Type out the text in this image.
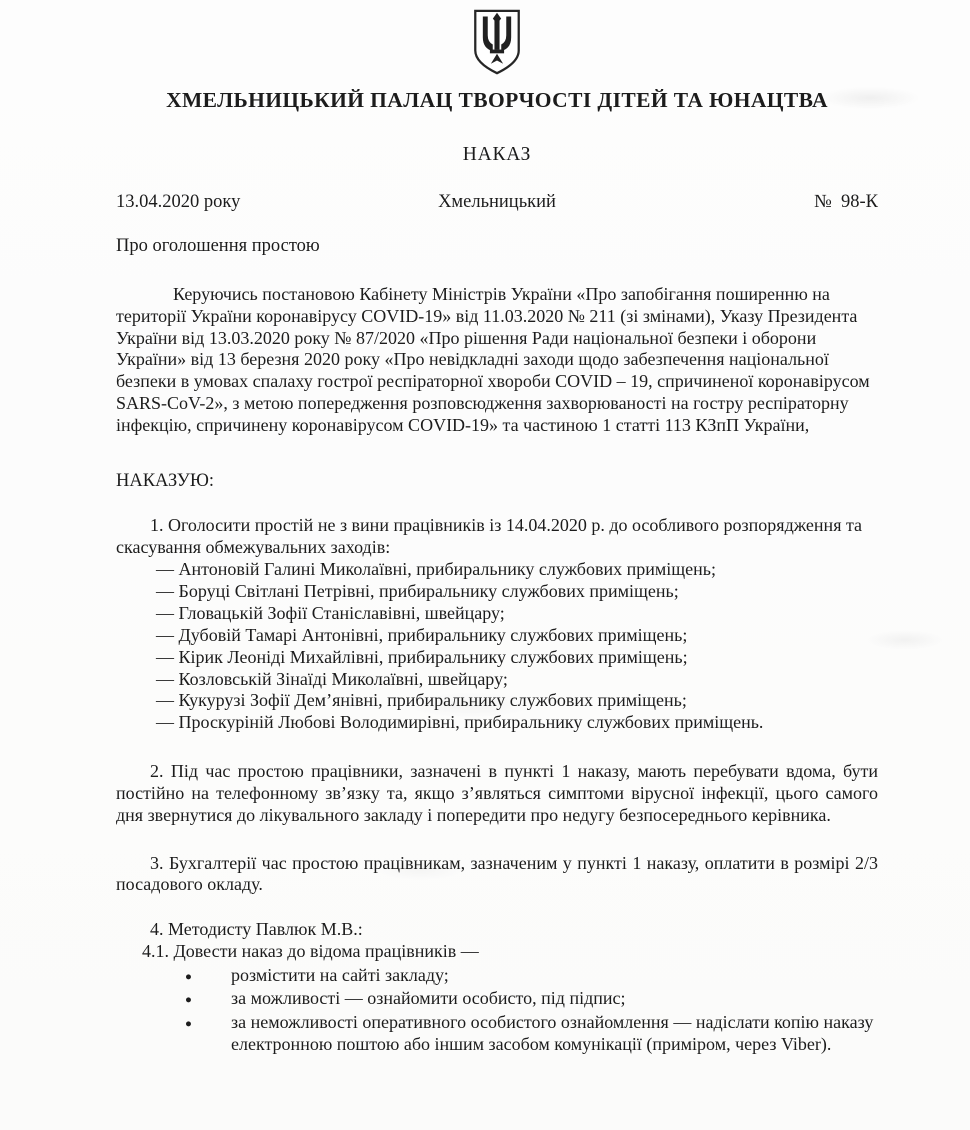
ХМЕЛЬНИЦЬКИЙ ПАЛАЦ ТВОРЧОСТІ ДІТЕЙ ТА ЮНАЦТВА
НАКАЗ
13.04.2020 року	Хмельницький	№  98-К
Про оголошення простою

Керуючись постановою Кабінету Міністрів України «Про запобігання поширенню на території України коронавірусу COVID-19» від 11.03.2020 № 211 (зі змінами), Указу Президента України від 13.03.2020 року № 87/2020 «Про рішення Ради національної безпеки і оборони України» від 13 березня 2020 року «Про невідкладні заходи щодо забезпечення національної безпеки в умовах спалаху гострої респіраторної хвороби COVID – 19, спричиненої коронавірусом SARS-CoV-2», з метою попередження розповсюдження захворюваності на гостру респіраторну інфекцію, спричинену коронавірусом COVID-19» та частиною 1 статті 113 КЗпП України,

НАКАЗУЮ:

1. Оголосити простій не з вини працівників із 14.04.2020 р. до особливого розпорядження та скасування обмежувальних заходів:

— Антоновій Галині Миколаївні, прибиральнику службових приміщень;
— Боруці Світлані Петрівні, прибиральнику службових приміщень;
— Гловацькій Зофії Станіславівні, швейцару;
— Дубовій Тамарі Антонівні, прибиральнику службових приміщень;
— Кірик Леоніді Михайлівні, прибиральнику службових приміщень;
— Козловській Зінаїді Миколаївні, швейцару;
— Кукурузі Зофії Дем’янівні, прибиральнику службових приміщень;
— Проскуріній Любові Володимирівні, прибиральнику службових приміщень.

2. Під час простою працівники, зазначені в пункті 1 наказу, мають перебувати вдома, бути постійно на телефонному зв’язку та, якщо з’являться симптоми вірусної інфекції, цього самого дня звернутися до лікувального закладу і попередити про недугу безпосереднього керівника.

3. Бухгалтерії час простою працівникам, зазначеним у пункті 1 наказу, оплатити в розмірі 2/3 посадового окладу.

4. Методисту Павлюк М.В.:

4.1. Довести наказ до відома працівників —

● розмістити на сайті закладу;
● за можливості — ознайомити особисто, під підпис;
● за неможливості оперативного особистого ознайомлення — надіслати копію наказу електронною поштою або іншим засобом комунікації (приміром, через Viber).
